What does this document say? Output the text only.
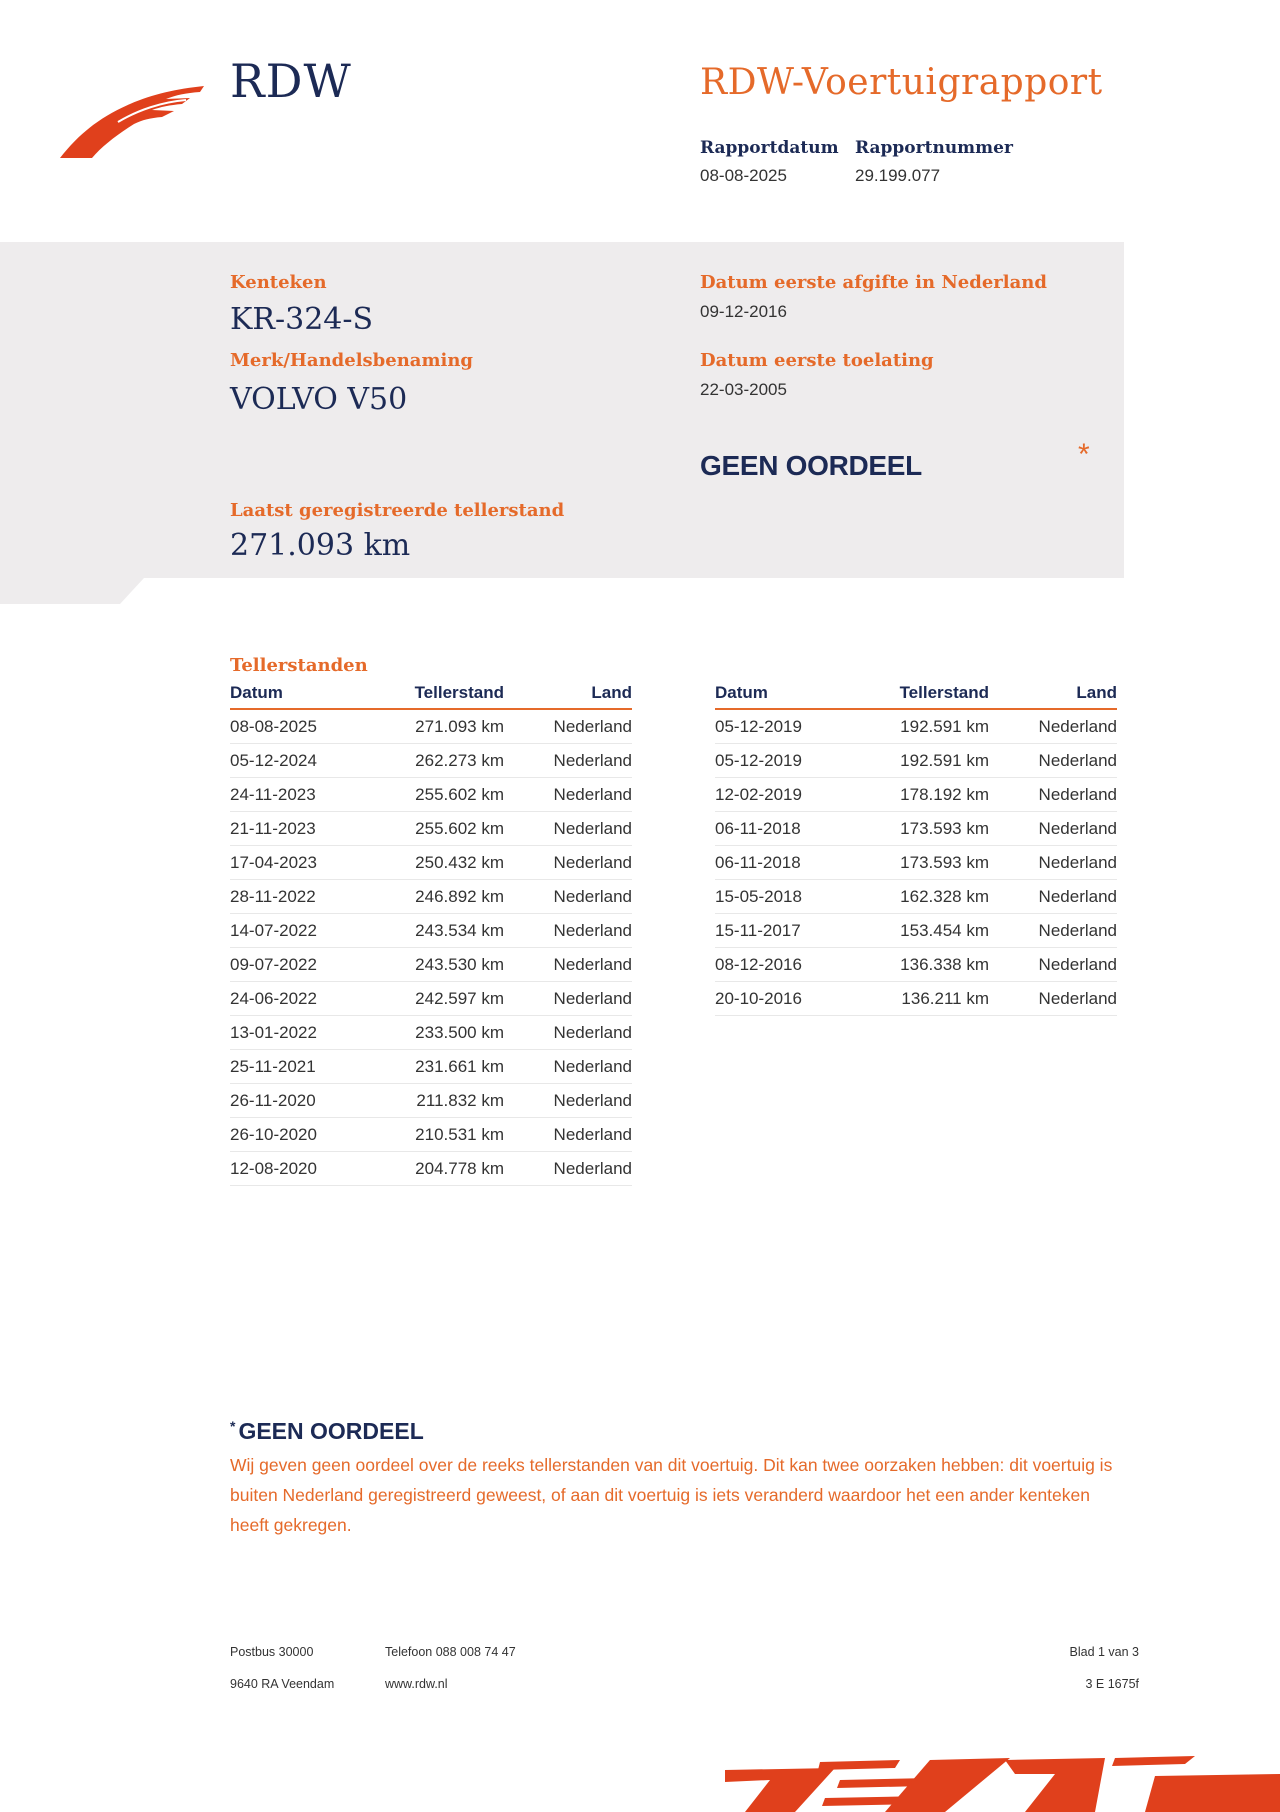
RDW	RDW-Voertuigrapport
Rapportdatum
08-08-2025
Rapportnummer
29.199.077
Kenteken
KR-324-S
Merk/Handelsbenaming
VOLVO V50
Datum eerste afgifte in Nederland
09-12-2016
Datum eerste toelating
22-03-2005
GEEN OORDEEL	*
Laatst geregistreerde tellerstand
271.093 km
Tellerstanden
Datum	Tellerstand	Land
08-08-2025	271.093 km	Nederland
05-12-2024	262.273 km	Nederland
24-11-2023	255.602 km	Nederland
21-11-2023	255.602 km	Nederland
17-04-2023	250.432 km	Nederland
28-11-2022	246.892 km	Nederland
14-07-2022	243.534 km	Nederland
09-07-2022	243.530 km	Nederland
24-06-2022	242.597 km	Nederland
13-01-2022	233.500 km	Nederland
25-11-2021	231.661 km	Nederland
26-11-2020	211.832 km	Nederland
26-10-2020	210.531 km	Nederland
12-08-2020	204.778 km	Nederland
Datum	Tellerstand	Land
05-12-2019	192.591 km	Nederland
05-12-2019	192.591 km	Nederland
12-02-2019	178.192 km	Nederland
06-11-2018	173.593 km	Nederland
06-11-2018	173.593 km	Nederland
15-05-2018	162.328 km	Nederland
15-11-2017	153.454 km	Nederland
08-12-2016	136.338 km	Nederland
20-10-2016	136.211 km	Nederland
* GEEN OORDEEL

Wij geven geen oordeel over de reeks tellerstanden van dit voertuig. Dit kan twee oorzaken hebben: dit voertuig is buiten Nederland geregistreerd geweest, of aan dit voertuig is iets veranderd waardoor het een ander kenteken heeft gekregen.

Postbus 30000
9640 RA Veendam
Telefoon 088 008 74 47
www.rdw.nl
Blad 1 van 3
3 E 1675f
